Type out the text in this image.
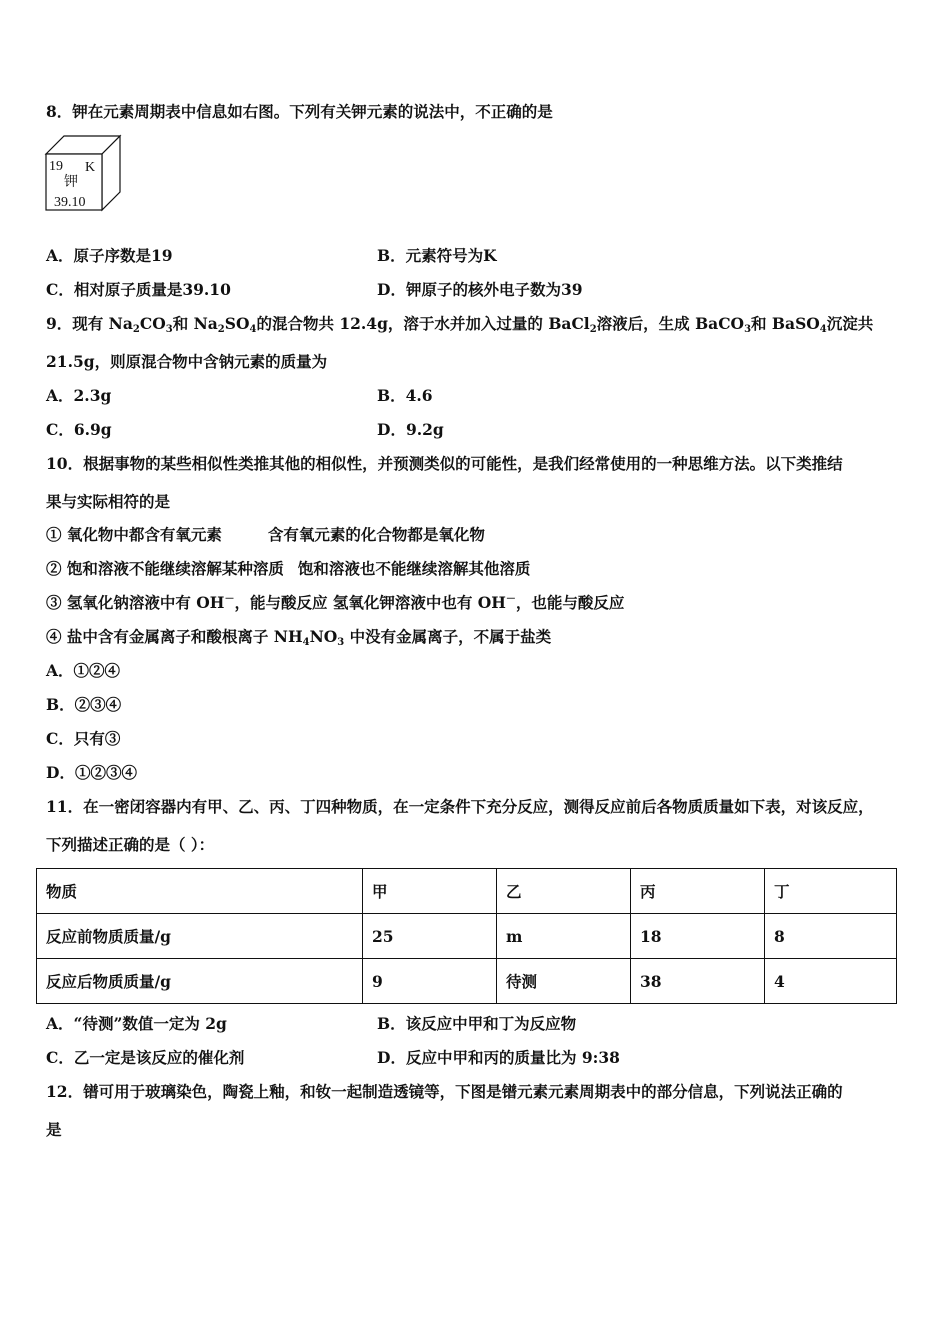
8．钾在元素周期表中信息如右图。下列有关钾元素的说法中，不正确的是
19 K
钾
39.10
A．原子序数是19	B．元素符号为K
C．相对原子质量是39.10	D．钾原子的核外电子数为39
9．现有 $Na_2CO_3$和 $Na_2SO_4$的混合物共 12.4g，溶于水并加入过量的 BaCl$_2$溶液后，生成 BaCO$_3$和 BaSO$_4$沉淀共
21.5g，则原混合物中含钠元素的质量为
A．2.3g	B．4.6
C．6.9g	D．9.2g
10．根据事物的某些相似性类推其他的相似性，并预测类似的可能性，是我们经常使用的一种思维方法。以下类推结
果与实际相符的是
① 氧化物中都含有氧元素	含有氧元素的化合物都是氧化物
② 饱和溶液不能继续溶解某种溶质 饱和溶液也不能继续溶解其他溶质
③ 氢氧化钠溶液中有 OH－，能与酸反应 氢氧化钾溶液中也有 OH－，也能与酸反应
④ 盐中含有金属离子和酸根离子 $NH_4NO_3$ 中没有金属离子，不属于盐类
A．①②④
B．②③④
C．只有③
D．①②③④
11．在一密闭容器内有甲、乙、丙、丁四种物质，在一定条件下充分反应，测得反应前后各物质质量如下表，对该反应，
下列描述正确的是（ ）：
物质	甲	乙	丙	丁
反应前物质质量/g	25	m	18	8
反应后物质质量/g	9	待测	38	4
A．“待测”数值一定为 2g	B．该反应中甲和丁为反应物
C．乙一定是该反应的催化剂	D．反应中甲和丙的质量比为 9:38
12．镨可用于玻璃染色，陶瓷上釉，和钕一起制造透镜等，下图是镨元素元素周期表中的部分信息，下列说法正确的
是
